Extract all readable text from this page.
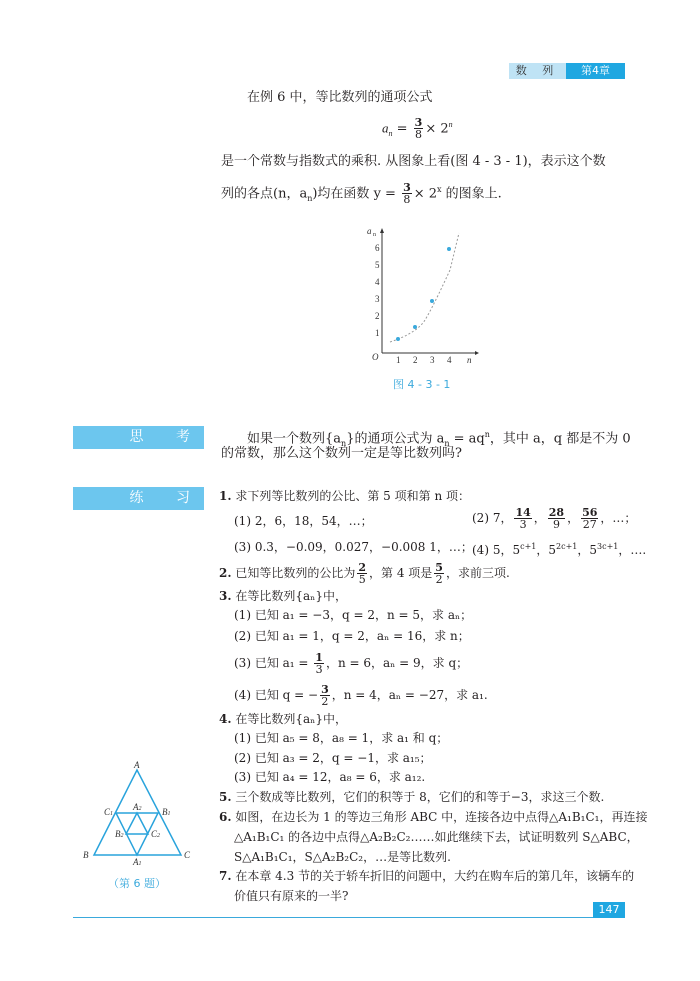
数 列	第4章
在例 6 中，等比数列的通项公式
$a_n = \frac{3}{8} \times 2^n$
是一个常数与指数式的乘积. 从图象上看(图 4 - 3 - 1)，表示这个数
列的各点(n，$a_n$)均在函数 $y = \frac{3}{8} \times 2^x$ 的图象上.
a n
O	n
1
2
3
4
5
6
1 2 3 4
图 4 - 3 - 1
思 考	如果一个数列$\{a_n\}$的通项公式为 $a_n = aq^n$，其中 a，q 都是不为 0
的常数，那么这个数列一定是等比数列吗?
练 习 1. 求下列等比数列的公比、第 5 项和第 n 项：
(1) 2，6，18，54，…；	(2) 7， $\frac{14}{3}$ ， $\frac{28}{9}$ ， $\frac{56}{27}$ ，…；
(3) 0.3，−0.09，0.027，−0.008 1，…； (4) 5，$5^{c+1}$，$5^{2c+1}$，$5^{3c+1}$，….
2. 已知等比数列的公比为 $\frac{2}{5}$ ，第 4 项是 $\frac{5}{2}$ ，求前三项.
3. 在等比数列{aₙ}中，
(1) 已知 a₁ = −3，q = 2，n = 5，求 aₙ；
(2) 已知 a₁ = 1，q = 2，aₙ = 16，求 n；
(3) 已知 $a_1 = \frac{1}{3}$ ，n = 6，aₙ = 9，求 q；
(4) 已知 q = − $\frac{3}{2}$ ，n = 4，aₙ = −27，求 a₁.
4. 在等比数列{aₙ}中，
(1) 已知 a₅ = 8，a₈ = 1，求 a₁ 和 q；
(2) 已知 a₃ = 2，q = −1，求 a₁₅；
(3) 已知 a₄ = 12，a₈ = 6，求 a₁₂.
5. 三个数成等比数列，它们的积等于 8，它们的和等于−3，求这三个数.
6. 如图，在边长为 1 的等边三角形 ABC 中，连接各边中点得△A₁B₁C₁，再连接
△A₁B₁C₁ 的各边中点得△A₂B₂C₂……如此继续下去，试证明数列 S△ABC，
S△A₁B₁C₁，S△A₂B₂C₂，…是等比数列.
7. 在本章 4.3 节的关于轿车折旧的问题中，大约在购车后的第几年，该辆车的
价值只有原来的一半?
A
B	C
C1	B1
A1
A2
B2	C2
（第 6 题）
147
